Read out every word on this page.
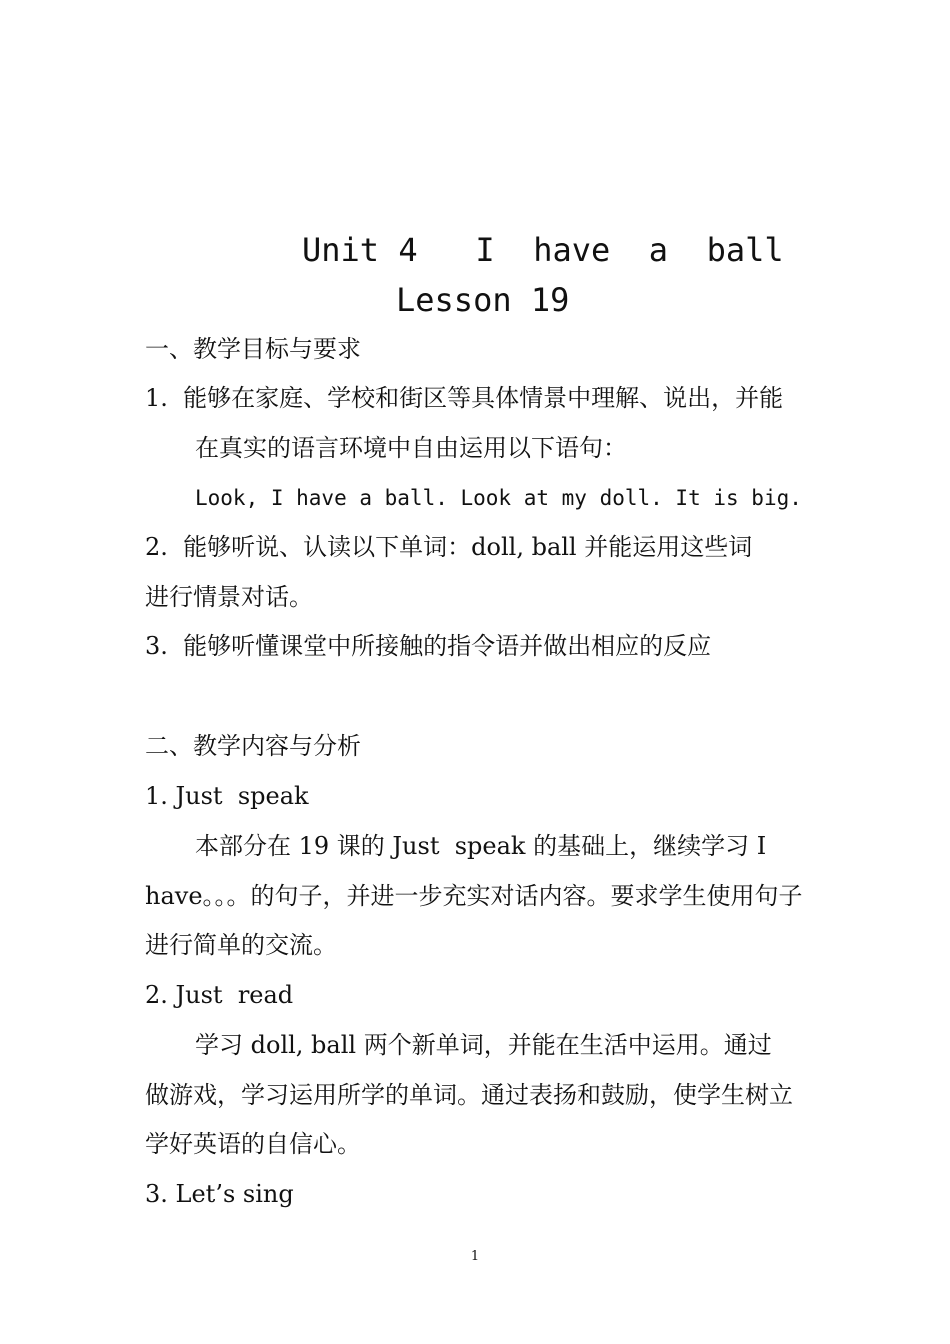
Unit 4   I  have  a  ball
Lesson 19
一、教学目标与要求
1.  能够在家庭、学校和街区等具体情景中理解、说出，并能
在真实的语言环境中自由运用以下语句：
Look, I have a ball. Look at my doll. It is big.
2.  能够听说、认读以下单词：doll, ball 并能运用这些词
进行情景对话。
3.  能够听懂课堂中所接触的指令语并做出相应的反应
二、教学内容与分析
1. Just  speak
本部分在 19 课的 Just  speak 的基础上，继续学习 I
have。。。的句子，并进一步充实对话内容。要求学生使用句子
进行简单的交流。
2. Just  read
学习 doll, ball 两个新单词，并能在生活中运用。通过
做游戏，学习运用所学的单词。通过表扬和鼓励，使学生树立
学好英语的自信心。
3. Let’s sing
1
